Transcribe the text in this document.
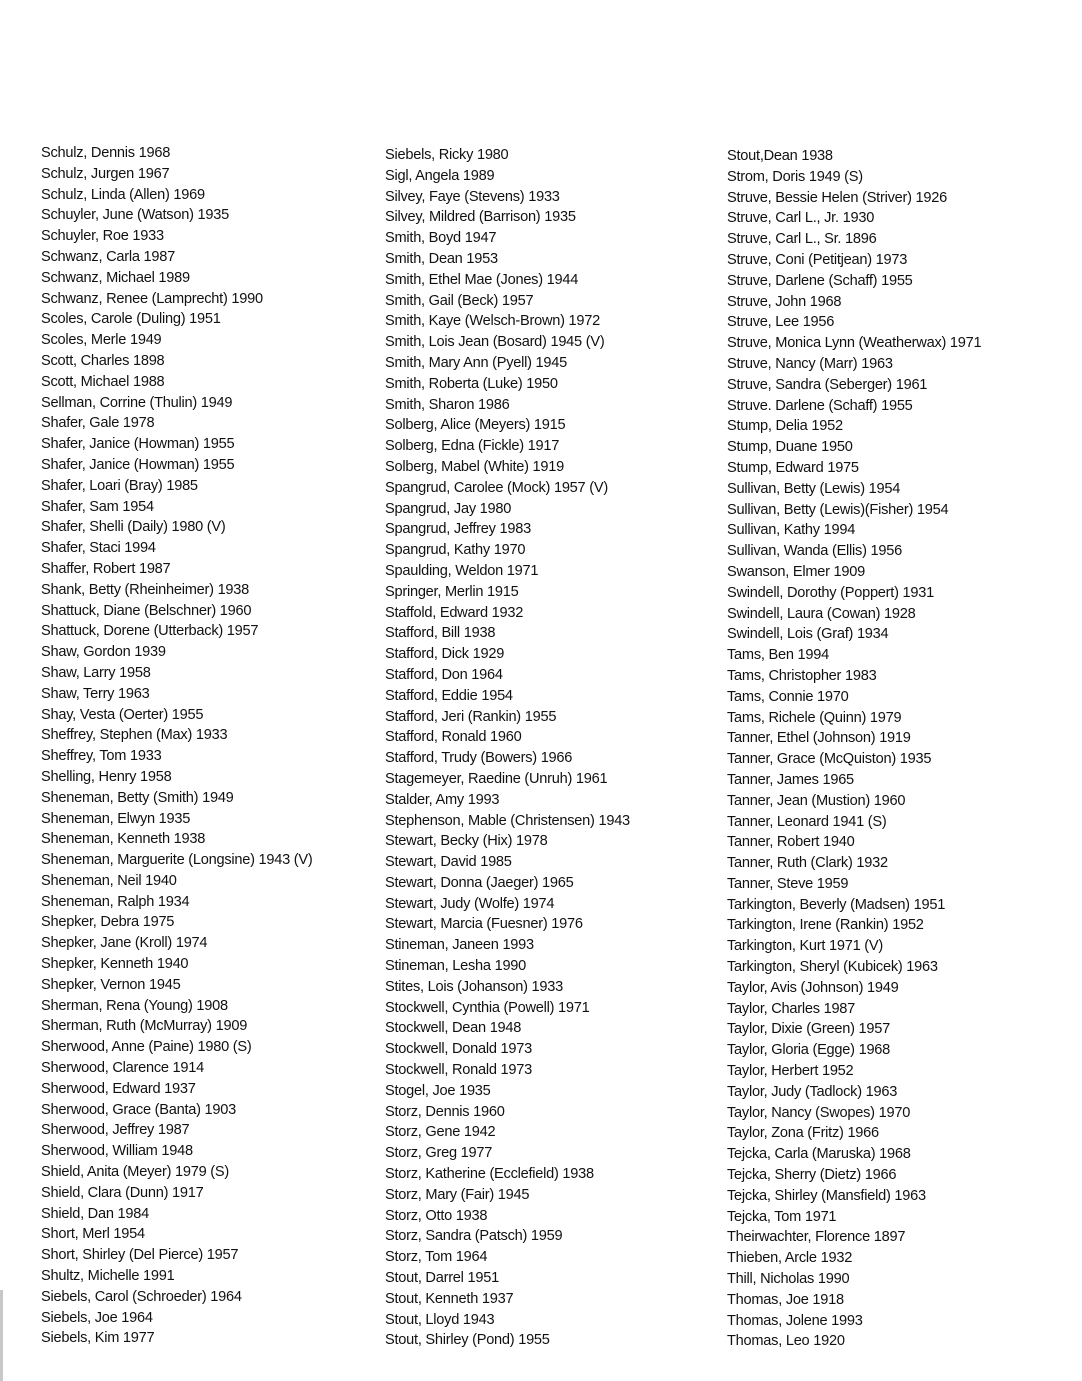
Schulz, Dennis 1968
Schulz, Jurgen 1967
Schulz, Linda (Allen) 1969
Schuyler, June (Watson) 1935
Schuyler, Roe 1933
Schwanz, Carla 1987
Schwanz, Michael 1989
Schwanz, Renee (Lamprecht) 1990
Scoles, Carole (Duling) 1951
Scoles, Merle 1949
Scott, Charles 1898
Scott, Michael 1988
Sellman, Corrine (Thulin) 1949
Shafer, Gale 1978
Shafer, Janice (Howman) 1955
Shafer, Janice (Howman) 1955
Shafer, Loari (Bray) 1985
Shafer, Sam 1954
Shafer, Shelli (Daily) 1980 (V)
Shafer, Staci 1994
Shaffer, Robert 1987
Shank, Betty (Rheinheimer) 1938
Shattuck, Diane (Belschner) 1960
Shattuck, Dorene (Utterback) 1957
Shaw, Gordon 1939
Shaw, Larry 1958
Shaw, Terry 1963
Shay, Vesta (Oerter) 1955
Sheffrey, Stephen (Max) 1933
Sheffrey, Tom 1933
Shelling, Henry 1958
Sheneman, Betty (Smith) 1949
Sheneman, Elwyn 1935
Sheneman, Kenneth 1938
Sheneman, Marguerite (Longsine) 1943 (V)
Sheneman, Neil 1940
Sheneman, Ralph 1934
Shepker, Debra 1975
Shepker, Jane (Kroll) 1974
Shepker, Kenneth 1940
Shepker, Vernon 1945
Sherman, Rena (Young) 1908
Sherman, Ruth (McMurray) 1909
Sherwood, Anne (Paine) 1980 (S)
Sherwood, Clarence 1914
Sherwood, Edward 1937
Sherwood, Grace (Banta) 1903
Sherwood, Jeffrey 1987
Sherwood, William 1948
Shield, Anita (Meyer) 1979 (S)
Shield, Clara (Dunn) 1917
Shield, Dan 1984
Short, Merl 1954
Short, Shirley (Del Pierce) 1957
Shultz, Michelle 1991
Siebels, Carol (Schroeder) 1964
Siebels, Joe 1964
Siebels, Kim 1977
Siebels, Ricky 1980
Sigl, Angela 1989
Silvey, Faye (Stevens) 1933
Silvey, Mildred (Barrison) 1935
Smith, Boyd 1947
Smith, Dean 1953
Smith, Ethel Mae (Jones) 1944
Smith, Gail (Beck) 1957
Smith, Kaye (Welsch-Brown) 1972
Smith, Lois Jean (Bosard) 1945 (V)
Smith, Mary Ann (Pyell) 1945
Smith, Roberta (Luke) 1950
Smith, Sharon 1986
Solberg, Alice (Meyers) 1915
Solberg, Edna (Fickle) 1917
Solberg, Mabel (White) 1919
Spangrud, Carolee (Mock) 1957 (V)
Spangrud, Jay 1980
Spangrud, Jeffrey 1983
Spangrud, Kathy 1970
Spaulding, Weldon 1971
Springer, Merlin 1915
Staffold, Edward 1932
Stafford, Bill 1938
Stafford, Dick 1929
Stafford, Don 1964
Stafford, Eddie 1954
Stafford, Jeri (Rankin) 1955
Stafford, Ronald 1960
Stafford, Trudy (Bowers) 1966
Stagemeyer, Raedine (Unruh) 1961
Stalder, Amy 1993
Stephenson, Mable (Christensen) 1943
Stewart, Becky (Hix) 1978
Stewart, David 1985
Stewart, Donna (Jaeger) 1965
Stewart, Judy (Wolfe) 1974
Stewart, Marcia (Fuesner) 1976
Stineman, Janeen 1993
Stineman, Lesha 1990
Stites, Lois (Johanson) 1933
Stockwell, Cynthia (Powell) 1971
Stockwell, Dean 1948
Stockwell, Donald 1973
Stockwell, Ronald 1973
Stogel, Joe 1935
Storz, Dennis 1960
Storz, Gene 1942
Storz, Greg 1977
Storz, Katherine (Ecclefield) 1938
Storz, Mary (Fair) 1945
Storz, Otto 1938
Storz, Sandra (Patsch) 1959
Storz, Tom 1964
Stout, Darrel 1951
Stout, Kenneth 1937
Stout, Lloyd 1943
Stout, Shirley (Pond) 1955
Stout,Dean 1938
Strom, Doris 1949 (S)
Struve, Bessie Helen (Striver) 1926
Struve, Carl L., Jr. 1930
Struve, Carl L., Sr. 1896
Struve, Coni (Petitjean) 1973
Struve, Darlene (Schaff) 1955
Struve, John 1968
Struve, Lee 1956
Struve, Monica Lynn (Weatherwax) 1971
Struve, Nancy (Marr) 1963
Struve, Sandra (Seberger) 1961
Struve. Darlene (Schaff) 1955
Stump, Delia 1952
Stump, Duane 1950
Stump, Edward 1975
Sullivan, Betty (Lewis) 1954
Sullivan, Betty (Lewis)(Fisher) 1954
Sullivan, Kathy 1994
Sullivan, Wanda (Ellis) 1956
Swanson, Elmer 1909
Swindell, Dorothy (Poppert) 1931
Swindell, Laura (Cowan) 1928
Swindell, Lois (Graf) 1934
Tams, Ben 1994
Tams, Christopher 1983
Tams, Connie 1970
Tams, Richele (Quinn) 1979
Tanner, Ethel (Johnson) 1919
Tanner, Grace (McQuiston) 1935
Tanner, James 1965
Tanner, Jean (Mustion) 1960
Tanner, Leonard 1941 (S)
Tanner, Robert 1940
Tanner, Ruth (Clark) 1932
Tanner, Steve 1959
Tarkington, Beverly (Madsen) 1951
Tarkington, Irene (Rankin) 1952
Tarkington, Kurt 1971 (V)
Tarkington, Sheryl (Kubicek) 1963
Taylor, Avis (Johnson) 1949
Taylor, Charles 1987
Taylor, Dixie (Green) 1957
Taylor, Gloria (Egge) 1968
Taylor, Herbert 1952
Taylor, Judy (Tadlock) 1963
Taylor, Nancy (Swopes) 1970
Taylor, Zona (Fritz) 1966
Tejcka, Carla (Maruska) 1968
Tejcka, Sherry (Dietz) 1966
Tejcka, Shirley (Mansfield) 1963
Tejcka, Tom 1971
Theirwachter, Florence 1897
Thieben, Arcle 1932
Thill, Nicholas 1990
Thomas, Joe 1918
Thomas, Jolene 1993
Thomas, Leo 1920
